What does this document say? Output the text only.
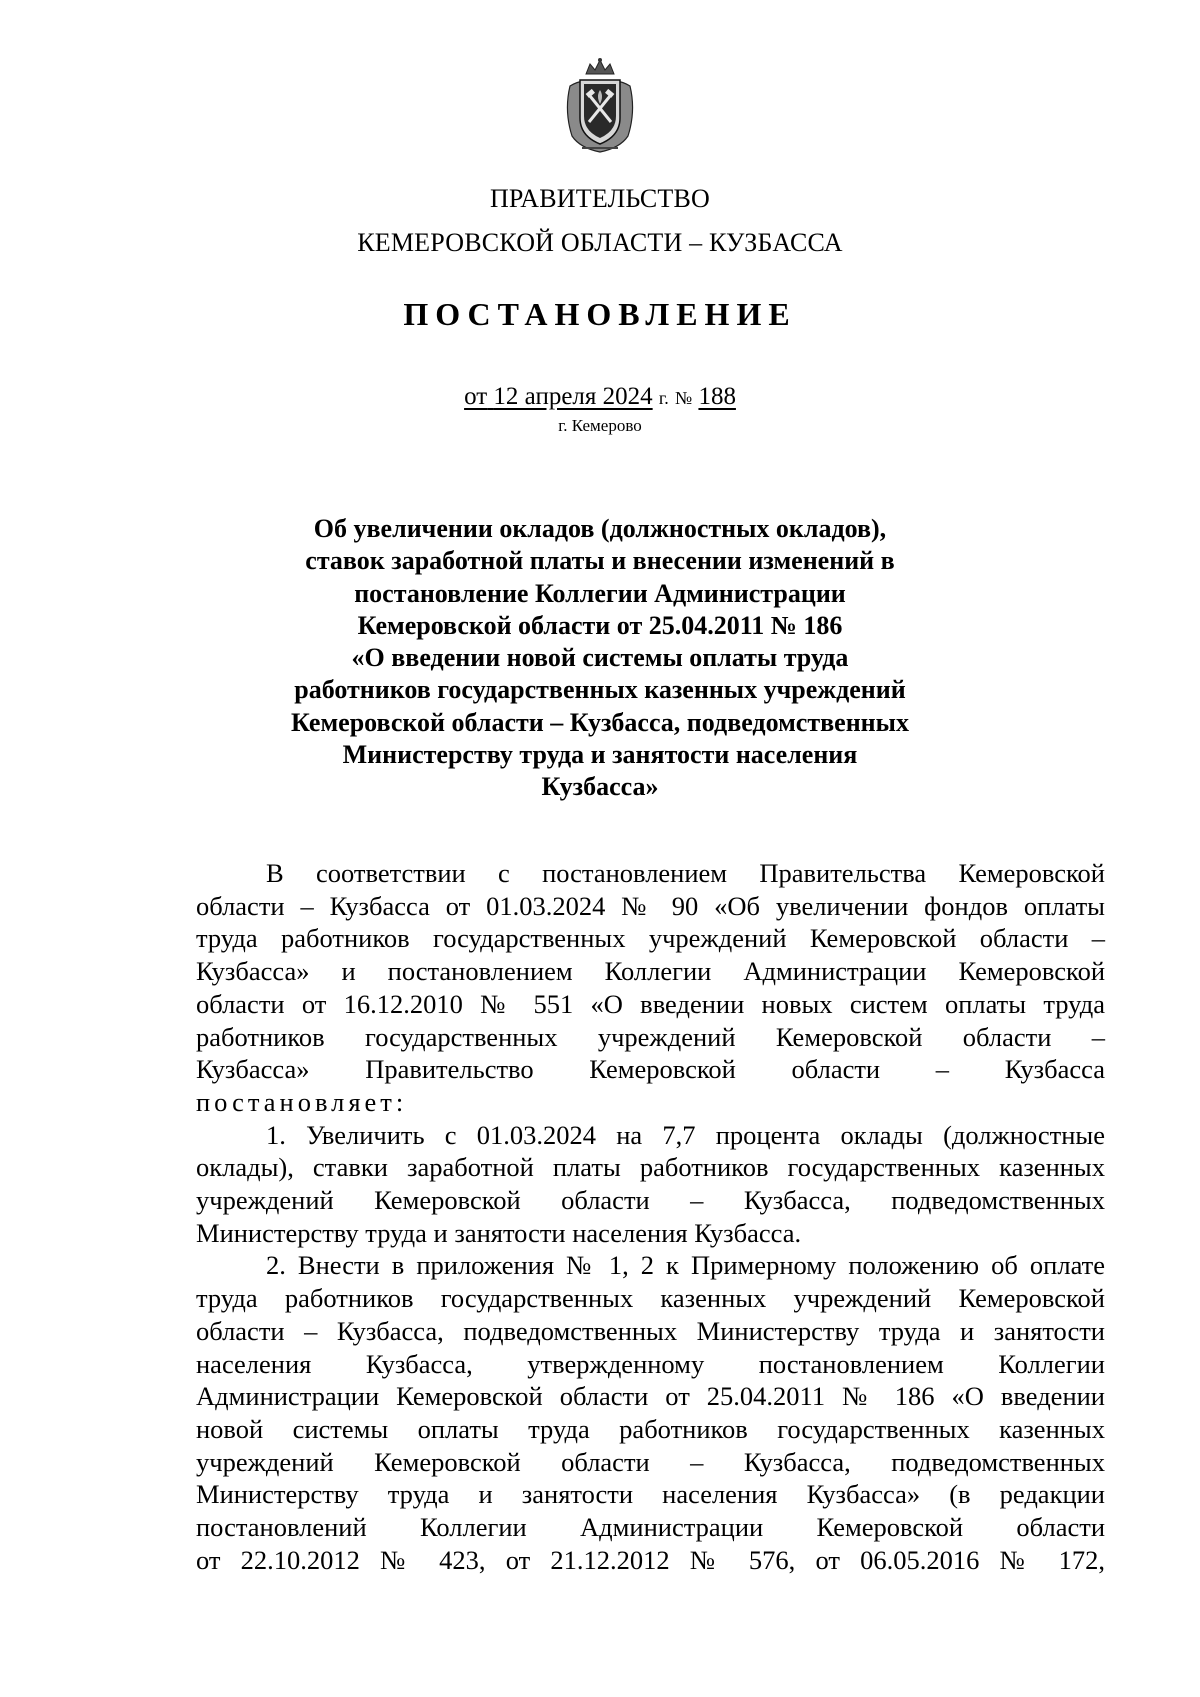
ПРАВИТЕЛЬСТВО
КЕМЕРОВСКОЙ ОБЛАСТИ – КУЗБАССА
ПОСТАНОВЛЕНИЕ
от 12 апреля 2024 г. № 188
г. Кемерово
Об увеличении окладов (должностных окладов),
ставок заработной платы и внесении изменений в
постановление Коллегии Администрации
Кемеровской области от 25.04.2011 № 186
«О введении новой системы оплаты труда
работников государственных казенных учреждений
Кемеровской области – Кузбасса, подведомственных
Министерству труда и занятости населения
Кузбасса»
В соответствии с постановлением Правительства Кемеровской
области – Кузбасса от 01.03.2024 № 90 «Об увеличении фондов оплаты
труда работников государственных учреждений Кемеровской области –
Кузбасса» и постановлением Коллегии Администрации Кемеровской
области от 16.12.2010 № 551 «О введении новых систем оплаты труда
работников государственных учреждений Кемеровской области –
Кузбасса» Правительство Кемеровской области – Кузбасса
постановляет:
1. Увеличить с 01.03.2024 на 7,7 процента оклады (должностные
оклады), ставки заработной платы работников государственных казенных
учреждений Кемеровской области – Кузбасса, подведомственных
Министерству труда и занятости населения Кузбасса.
2. Внести в приложения № 1, 2 к Примерному положению об оплате
труда работников государственных казенных учреждений Кемеровской
области – Кузбасса, подведомственных Министерству труда и занятости
населения Кузбасса, утвержденному постановлением Коллегии
Администрации Кемеровской области от 25.04.2011 № 186 «О введении
новой системы оплаты труда работников государственных казенных
учреждений Кемеровской области – Кузбасса, подведомственных
Министерству труда и занятости населения Кузбасса» (в редакции
постановлений Коллегии Администрации Кемеровской области
от 22.10.2012 № 423, от 21.12.2012 № 576, от 06.05.2016 № 172,
